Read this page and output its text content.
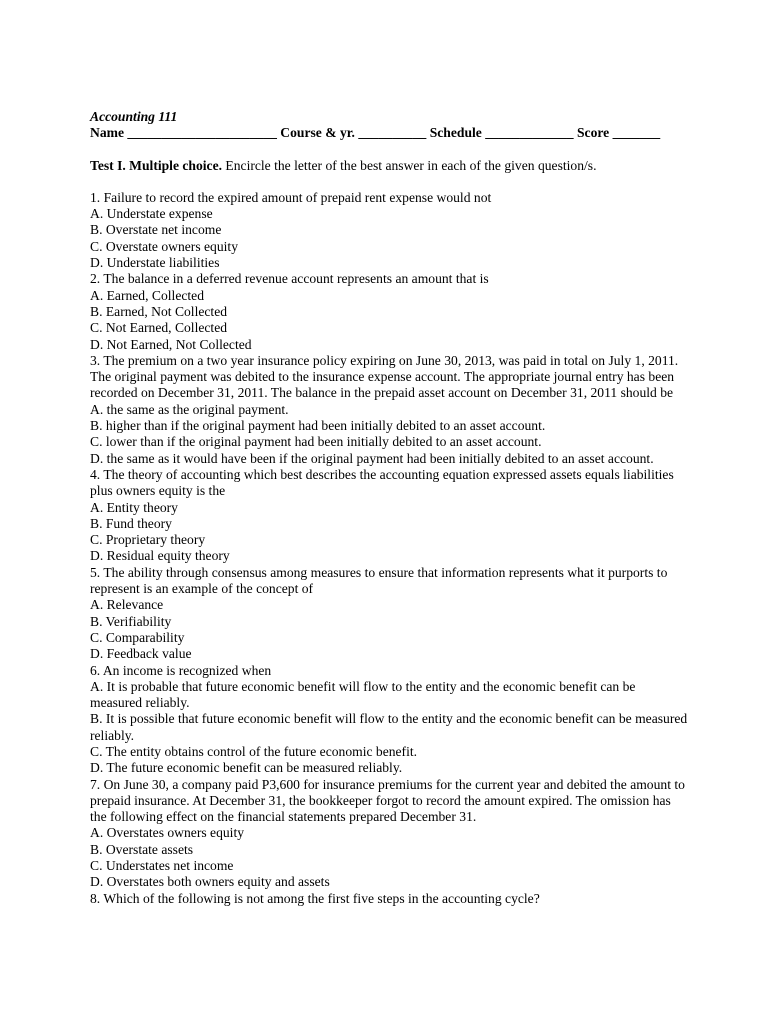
Accounting 111
Name ______________________ Course & yr. __________ Schedule _____________ Score _______
Test I. Multiple choice. Encircle the letter of the best answer in each of the given question/s.
1. Failure to record the expired amount of prepaid rent expense would not
A. Understate expense
B. Overstate net income
C. Overstate owners equity
D. Understate liabilities
2. The balance in a deferred revenue account represents an amount that is
A. Earned, Collected
B. Earned, Not Collected
C. Not Earned, Collected
D. Not Earned, Not Collected
3. The premium on a two year insurance policy expiring on June 30, 2013, was paid in total on July 1, 2011. The original payment was debited to the insurance expense account. The appropriate journal entry has been recorded on December 31, 2011. The balance in the prepaid asset account on December 31, 2011 should be
A. the same as the original payment.
B. higher than if the original payment had been initially debited to an asset account.
C. lower than if the original payment had been initially debited to an asset account.
D. the same as it would have been if the original payment had been initially debited to an asset account.
4. The theory of accounting which best describes the accounting equation expressed assets equals liabilities plus owners equity is the
A. Entity theory
B. Fund theory
C. Proprietary theory
D. Residual equity theory
5. The ability through consensus among measures to ensure that information represents what it purports to represent is an example of the concept of
A. Relevance
B. Verifiability
C. Comparability
D. Feedback value
6. An income is recognized when
A. It is probable that future economic benefit will flow to the entity and the economic benefit can be measured reliably.
B. It is possible that future economic benefit will flow to the entity and the economic benefit can be measured reliably.
C. The entity obtains control of the future economic benefit.
D. The future economic benefit can be measured reliably.
7. On June 30, a company paid P3,600 for insurance premiums for the current year and debited the amount to prepaid insurance. At December 31, the bookkeeper forgot to record the amount expired. The omission has the following effect on the financial statements prepared December 31.
A. Overstates owners equity
B. Overstate assets
C. Understates net income
D. Overstates both owners equity and assets
8. Which of the following is not among the first five steps in the accounting cycle?
